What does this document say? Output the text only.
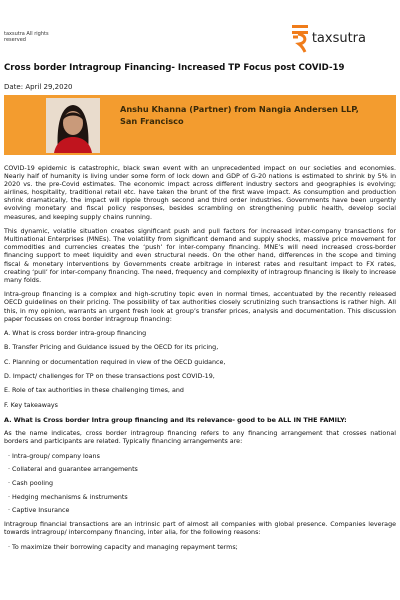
taxsutra All rights
reserved	taxsutra
Cross border Intragroup Financing- Increased TP Focus post COVID-19
Date: April 29,2020
Anshu Khanna (Partner) from Nangia Andersen LLP,
San Francisco

COVID-19 epidemic is catastrophic, black swan event with an unprecedented impact on our societies and economies. Nearly half of humanity is living under some form of lock down and GDP of G-20 nations is estimated to shrink by 5% in 2020 vs. the pre-Covid estimates. The economic impact across different industry sectors and geographies is evolving; airlines, hospitality, traditional retail etc. have taken the brunt of the first wave impact. As consumption and production shrink dramatically, the impact will ripple through second and third order industries. Governments have been urgently evolving monetary and fiscal policy responses, besides scrambling on strengthening public health, develop social measures, and keeping supply chains running.

This dynamic, volatile situation creates significant push and pull factors for increased inter-company transactions for Multinational Enterprises (MNEs). The volatility from significant demand and supply shocks, massive price movement for commodities and currencies creates the ‘push’ for inter-company financing. MNE’s will need increased cross-border financing support to meet liquidity and even structural needs. On the other hand, differences in the scope and timing fiscal & monetary interventions by Governments create arbitrage in interest rates and resultant impact to FX rates, creating ‘pull’ for inter-company financing. The need, frequency and complexity of intragroup financing is likely to increase many folds.

Intra-group financing is a complex and high-scrutiny topic even in normal times, accentuated by the recently released OECD guidelines on their pricing. The possibility of tax authorities closely scrutinizing such transactions is rather high. All this, in my opinion, warrants an urgent fresh look at group’s transfer prices, analysis and documentation. This discussion paper focusses on cross border intragroup financing:

A. What is cross border intra-group financing
B. Transfer Pricing and Guidance issued by the OECD for its pricing,
C. Planning or documentation required in view of the OECD guidance,
D. Impact/ challenges for TP on these transactions post COVID-19,
E. Role of tax authorities in these challenging times, and
F. Key takeaways
A. What is Cross border Intra group financing and its relevance- good to be ALL IN THE FAMILY:

As the name indicates, cross border intragroup financing refers to any financing arrangement that crosses national borders and participants are related. Typically financing arrangements are:

· Intra-group/ company loans
· Collateral and guarantee arrangements
· Cash pooling
· Hedging mechanisms & instruments
· Captive Insurance

Intragroup financial transactions are an intrinsic part of almost all companies with global presence. Companies leverage towards intragroup/ intercompany financing, inter alia, for the following reasons:

· To maximize their borrowing capacity and managing repayment terms;
